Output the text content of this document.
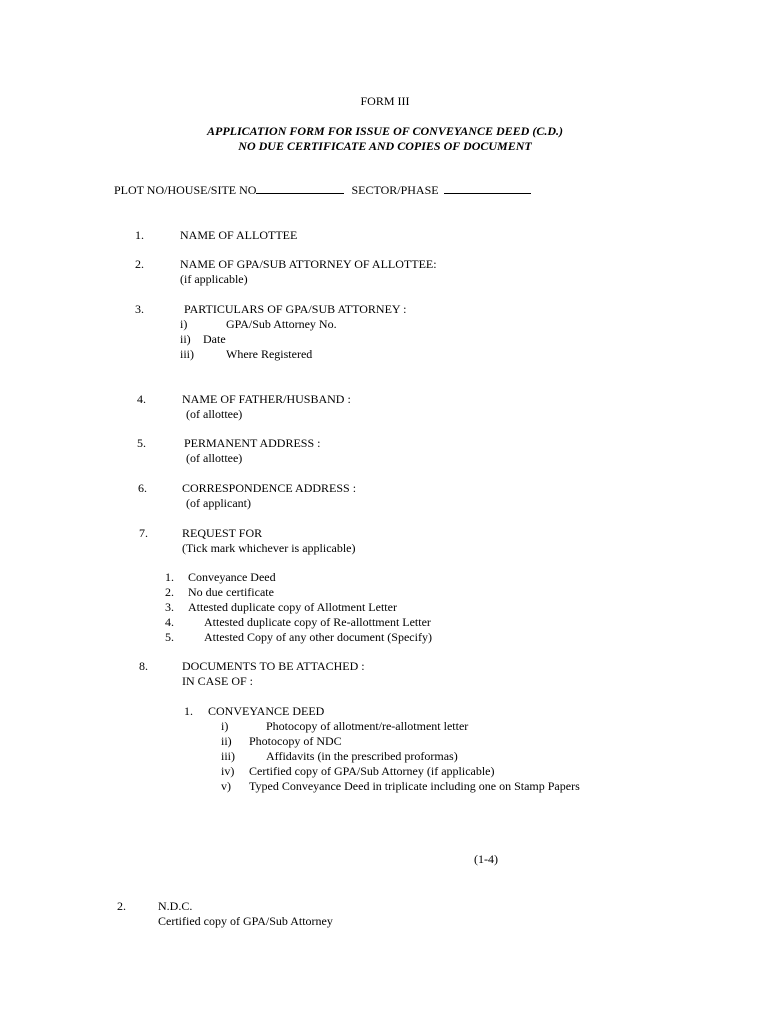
FORM III
APPLICATION FORM FOR ISSUE OF CONVEYANCE DEED (C.D.)
NO DUE CERTIFICATE AND COPIES OF DOCUMENT
PLOT NO/HOUSE/SITE NO	SECTOR/PHASE
1.	NAME OF ALLOTTEE
2.	NAME OF GPA/SUB ATTORNEY OF ALLOTTEE:
(if applicable)
3.	PARTICULARS OF GPA/SUB ATTORNEY :
i)	GPA/Sub Attorney No.
ii) Date
iii)	Where Registered
4.	NAME OF FATHER/HUSBAND :
(of allottee)
5.	PERMANENT ADDRESS :
(of allottee)
6.	CORRESPONDENCE ADDRESS :
(of applicant)
7.	REQUEST FOR
(Tick mark whichever is applicable)
1. Conveyance Deed
2. No due certificate
3. Attested duplicate copy of Allotment Letter
4.	Attested duplicate copy of Re-allottment Letter
5.	Attested Copy of any other document (Specify)
8.	DOCUMENTS TO BE ATTACHED :
IN CASE OF :
1. CONVEYANCE DEED
i)	Photocopy of allotment/re-allotment letter
ii) Photocopy of NDC
iii)	Affidavits (in the prescribed proformas)
iv) Certified copy of GPA/Sub Attorney (if applicable)
v) Typed Conveyance Deed in triplicate including one on Stamp Papers
(1-4)
2.	N.D.C.
Certified copy of GPA/Sub Attorney
